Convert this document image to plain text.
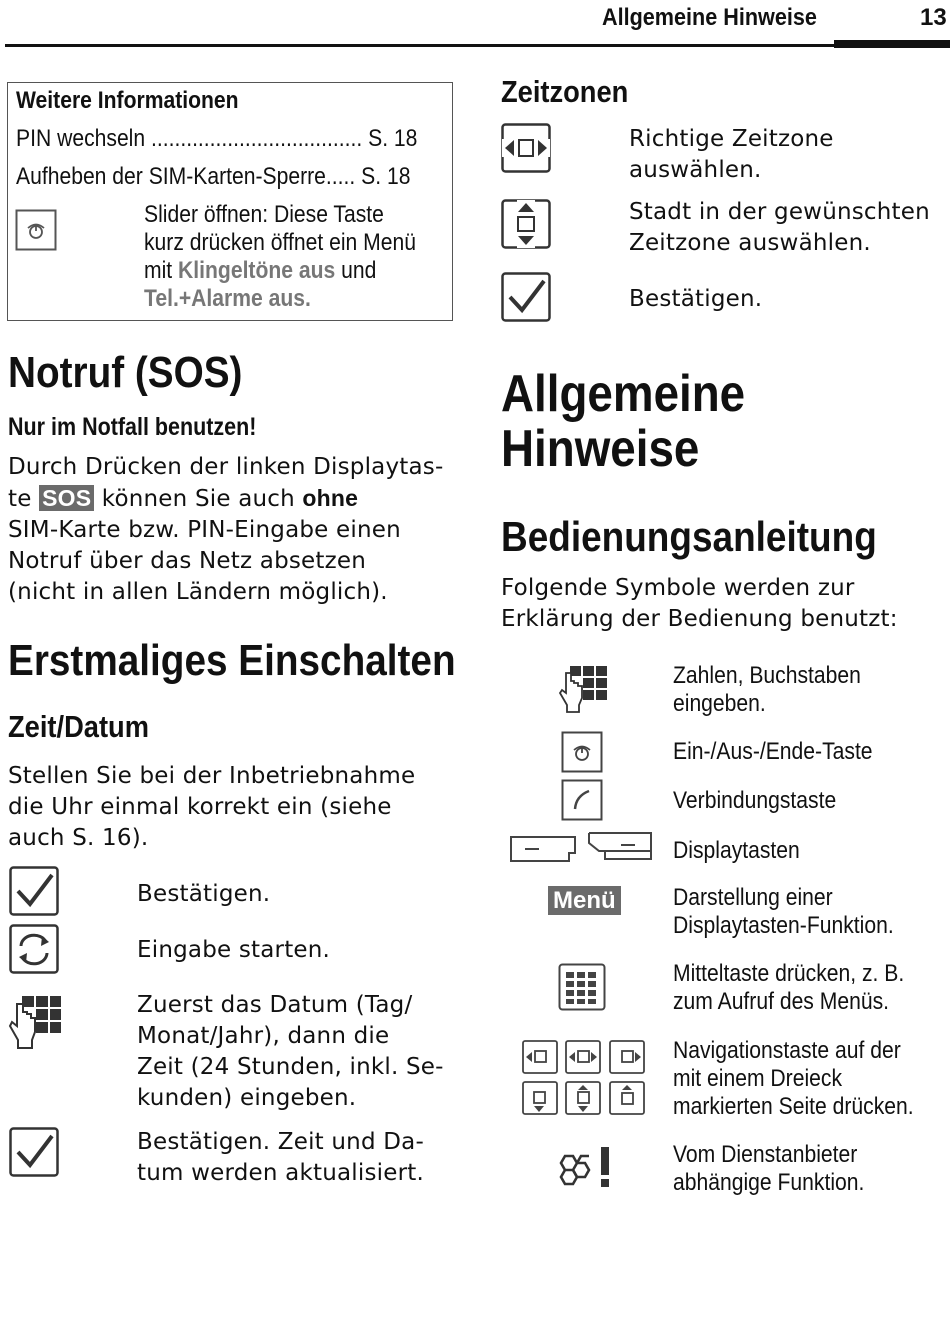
Allgemeine Hinweise	13
Weitere Informationen
PIN wechseln .................................... S. 18
Aufheben der SIM-Karten-Sperre..... S. 18
Slider öffnen: Diese Taste
kurz drücken öffnet ein Menü
mit Klingeltöne aus und
Tel.+Alarme aus.
Notruf (SOS)
Nur im Notfall benutzen!
Durch Drücken der linken Displaytas-
te SOS können Sie auch ohne
SIM-Karte bzw. PIN-Eingabe einen
Notruf über das Netz absetzen
(nicht in allen Ländern möglich).
Erstmaliges Einschalten
Zeit/Datum
Stellen Sie bei der Inbetriebnahme
die Uhr einmal korrekt ein (siehe
auch S. 16).
Bestätigen.
Eingabe starten.
Zuerst das Datum (Tag/
Monat/Jahr), dann die
Zeit (24 Stunden, inkl. Se-
kunden) eingeben.
Bestätigen. Zeit und Da-
tum werden aktualisiert.
Zeitzonen
Richtige Zeitzone
auswählen.
Stadt in der gewünschten
Zeitzone auswählen.
Bestätigen.
Allgemeine
Hinweise
Bedienungsanleitung
Folgende Symbole werden zur
Erklärung der Bedienung benutzt:
Zahlen, Buchstaben
eingeben.
Ein-/Aus-/Ende-Taste
Verbindungstaste
Displaytasten
Menü Darstellung einer
Displaytasten-Funktion.
Mitteltaste drücken, z. B.
zum Aufruf des Menüs.
Navigationstaste auf der
mit einem Dreieck
markierten Seite drücken.
Vom Dienstanbieter
abhängige Funktion.
